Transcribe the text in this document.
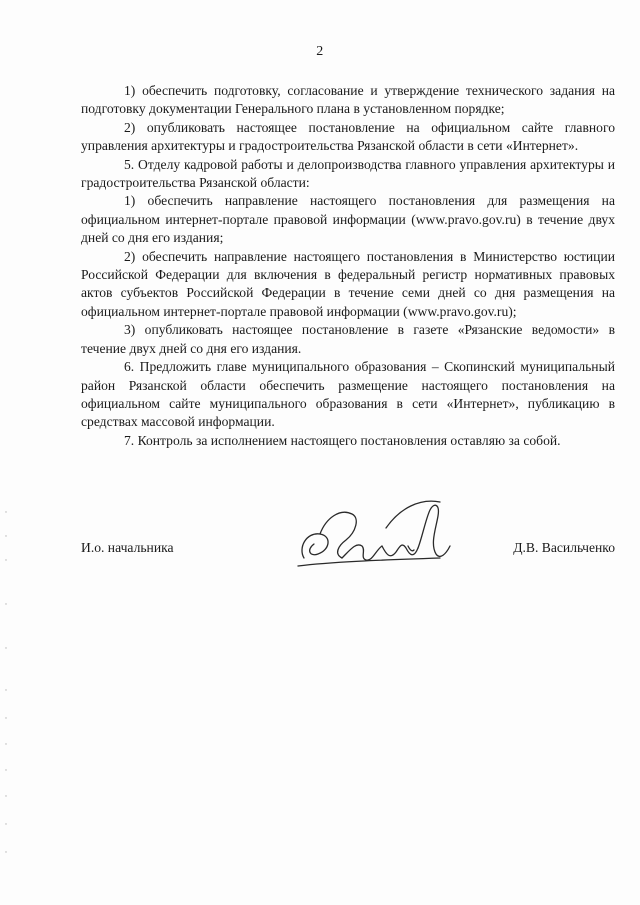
2

1) обеспечить подготовку, согласование и утверждение технического задания на подготовку документации Генерального плана в установленном порядке;

2) опубликовать настоящее постановление на официальном сайте главного управления архитектуры и градостроительства Рязанской области в сети «Интернет».

5. Отделу кадровой работы и делопроизводства главного управления архитектуры и градостроительства Рязанской области:

1) обеспечить направление настоящего постановления для размещения на официальном интернет-портале правовой информации (www.pravo.gov.ru) в течение двух дней со дня его издания;

2) обеспечить направление настоящего постановления в Министерство юстиции Российской Федерации для включения в федеральный регистр нормативных правовых актов субъектов Российской Федерации в течение семи дней со дня размещения на официальном интернет-портале правовой информации (www.pravo.gov.ru);

3) опубликовать настоящее постановление в газете «Рязанские ведомости» в течение двух дней со дня его издания.

6. Предложить главе муниципального образования – Скопинский муниципальный район Рязанской области обеспечить размещение настоящего постановления на официальном сайте муниципального образования в сети «Интернет», публикацию в средствах массовой информации.

7. Контроль за исполнением настоящего постановления оставляю за собой.

И.о. начальника	Д.В. Васильченко
